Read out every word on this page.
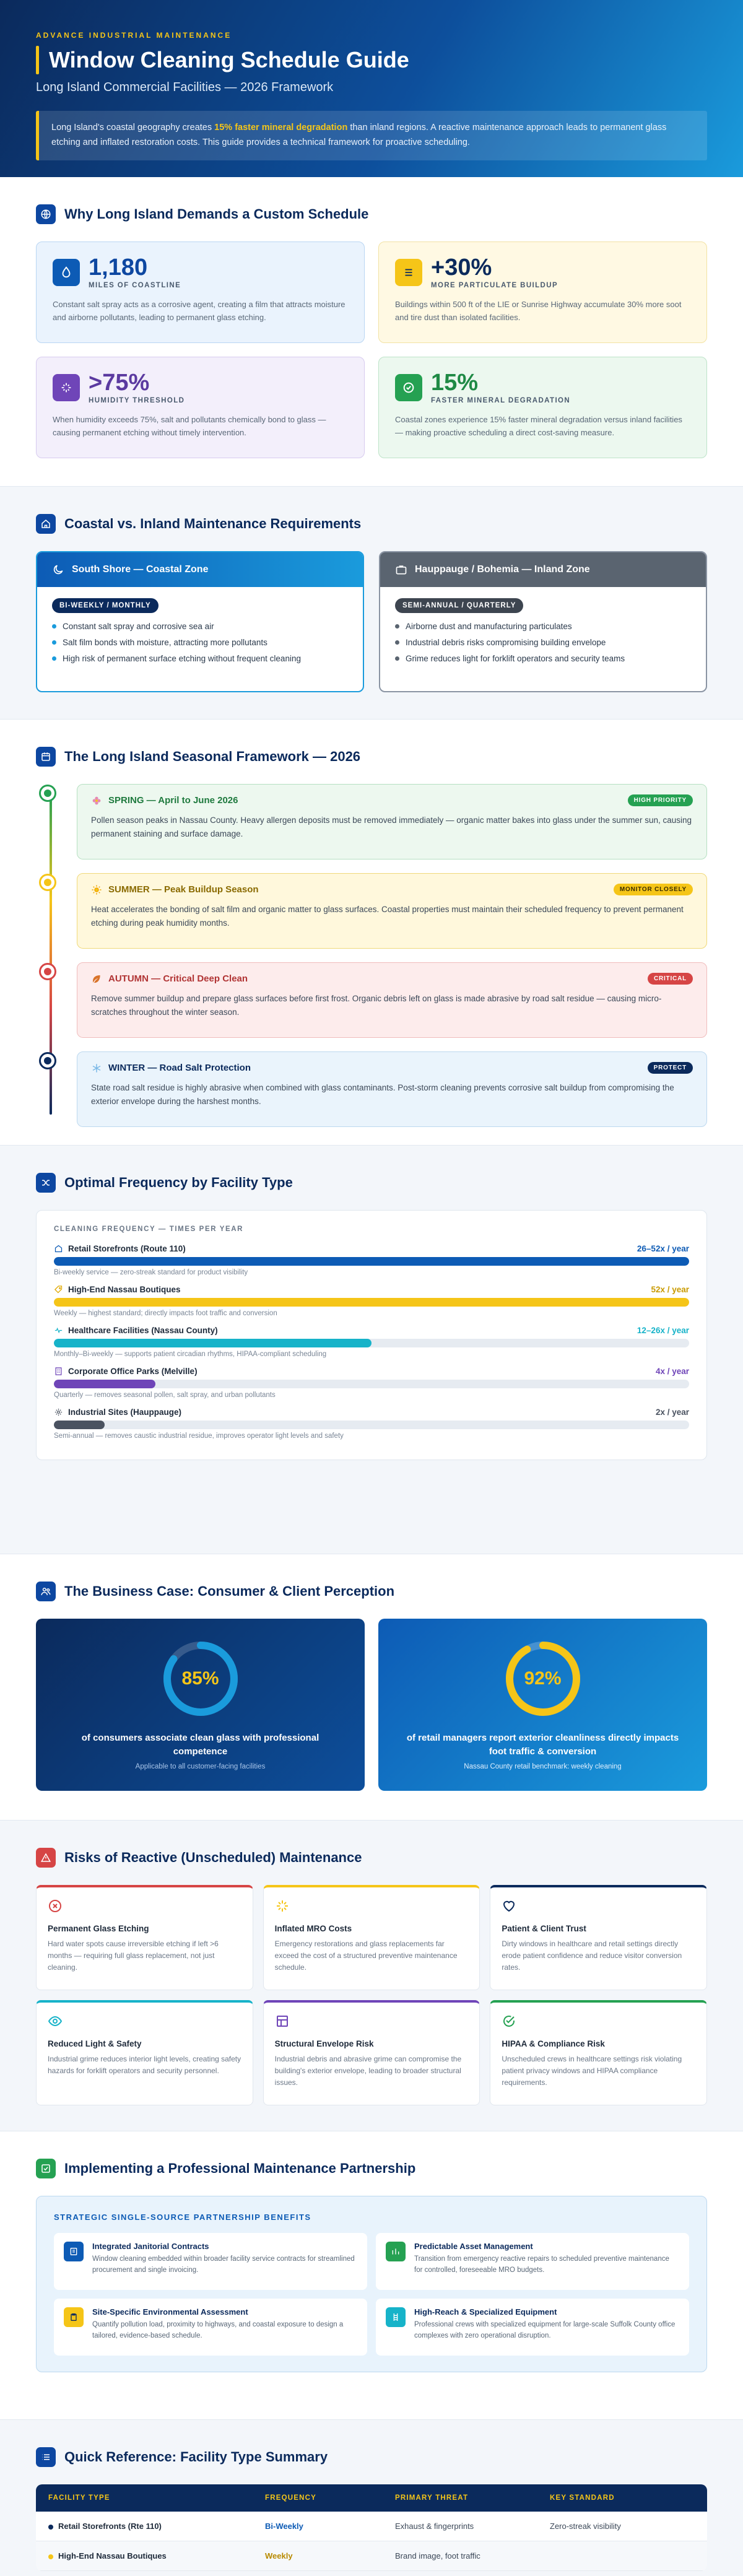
ADVANCE INDUSTRIAL MAINTENANCE
Window Cleaning Schedule Guide
Long Island Commercial Facilities — 2026 Framework
Long Island's coastal geography creates 15% faster mineral degradation than inland regions. A reactive maintenance approach leads to permanent glass etching and inflated restoration costs. This guide provides a technical framework for proactive scheduling.
Why Long Island Demands a Custom Schedule
1,180
MILES OF COASTLINE

Constant salt spray acts as a corrosive agent, creating a film that attracts moisture and airborne pollutants, leading to permanent glass etching.

+30%
MORE PARTICULATE BUILDUP

Buildings within 500 ft of the LIE or Sunrise Highway accumulate 30% more soot and tire dust than isolated facilities.

>75%
HUMIDITY THRESHOLD

When humidity exceeds 75%, salt and pollutants chemically bond to glass — causing permanent etching without timely intervention.

15%
FASTER MINERAL DEGRADATION

Coastal zones experience 15% faster mineral degradation versus inland facilities — making proactive scheduling a direct cost-saving measure.

Coastal vs. Inland Maintenance Requirements
South Shore — Coastal Zone
BI-WEEKLY / MONTHLY
Constant salt spray and corrosive sea air
Salt film bonds with moisture, attracting more pollutants
High risk of permanent surface etching without frequent cleaning
Hauppauge / Bohemia — Inland Zone
SEMI-ANNUAL / QUARTERLY
Airborne dust and manufacturing particulates
Industrial debris risks compromising building envelope
Grime reduces light for forklift operators and security teams
The Long Island Seasonal Framework — 2026
SPRING — April to June 2026	HIGH PRIORITY

Pollen season peaks in Nassau County. Heavy allergen deposits must be removed immediately — organic matter bakes into glass under the summer sun, causing permanent staining and surface damage.

SUMMER — Peak Buildup Season	MONITOR CLOSELY

Heat accelerates the bonding of salt film and organic matter to glass surfaces. Coastal properties must maintain their scheduled frequency to prevent permanent etching during peak humidity months.

AUTUMN — Critical Deep Clean	CRITICAL

Remove summer buildup and prepare glass surfaces before first frost. Organic debris left on glass is made abrasive by road salt residue — causing micro-scratches throughout the winter season.

WINTER — Road Salt Protection	PROTECT

State road salt residue is highly abrasive when combined with glass contaminants. Post-storm cleaning prevents corrosive salt buildup from compromising the exterior envelope during the harshest months.

Optimal Frequency by Facility Type
CLEANING FREQUENCY — TIMES PER YEAR
Retail Storefronts (Route 110)	26–52x / year
Bi-weekly service — zero-streak standard for product visibility
High-End Nassau Boutiques	52x / year
Weekly — highest standard; directly impacts foot traffic and conversion
Healthcare Facilities (Nassau County)	12–26x / year
Monthly–Bi-weekly — supports patient circadian rhythms, HIPAA-compliant scheduling
Corporate Office Parks (Melville)	4x / year
Quarterly — removes seasonal pollen, salt spray, and urban pollutants
Industrial Sites (Hauppauge)	2x / year
Semi-annual — removes caustic industrial residue, improves operator light levels and safety
The Business Case: Consumer & Client Perception
85%
of consumers associate clean glass with professional competence
Applicable to all customer-facing facilities
92%
of retail managers report exterior cleanliness directly impacts foot traffic & conversion
Nassau County retail benchmark: weekly cleaning
Risks of Reactive (Unscheduled) Maintenance
Permanent Glass Etching

Hard water spots cause irreversible etching if left >6 months — requiring full glass replacement, not just cleaning.

Inflated MRO Costs

Emergency restorations and glass replacements far exceed the cost of a structured preventive maintenance schedule.

Patient & Client Trust

Dirty windows in healthcare and retail settings directly erode patient confidence and reduce visitor conversion rates.

Reduced Light & Safety

Industrial grime reduces interior light levels, creating safety hazards for forklift operators and security personnel.

Structural Envelope Risk

Industrial debris and abrasive grime can compromise the building's exterior envelope, leading to broader structural issues.

HIPAA & Compliance Risk

Unscheduled crews in healthcare settings risk violating patient privacy windows and HIPAA compliance requirements.

Implementing a Professional Maintenance Partnership
STRATEGIC SINGLE-SOURCE PARTNERSHIP BENEFITS
Integrated Janitorial Contracts

Window cleaning embedded within broader facility service contracts for streamlined procurement and single invoicing.

Predictable Asset Management

Transition from emergency reactive repairs to scheduled preventive maintenance for controlled, foreseeable MRO budgets.

Site-Specific Environmental Assessment

Quantify pollution load, proximity to highways, and coastal exposure to design a tailored, evidence-based schedule.

High-Reach & Specialized Equipment

Professional crews with specialized equipment for large-scale Suffolk County office complexes with zero operational disruption.

Quick Reference: Facility Type Summary
FACILITY TYPE	FREQUENCY	PRIMARY THREAT	KEY STANDARD
Retail Storefronts (Rte 110)	Bi-Weekly	Exhaust & fingerprints	Zero-streak visibility
High-End Nassau Boutiques	Weekly	Brand image, foot traffic	
